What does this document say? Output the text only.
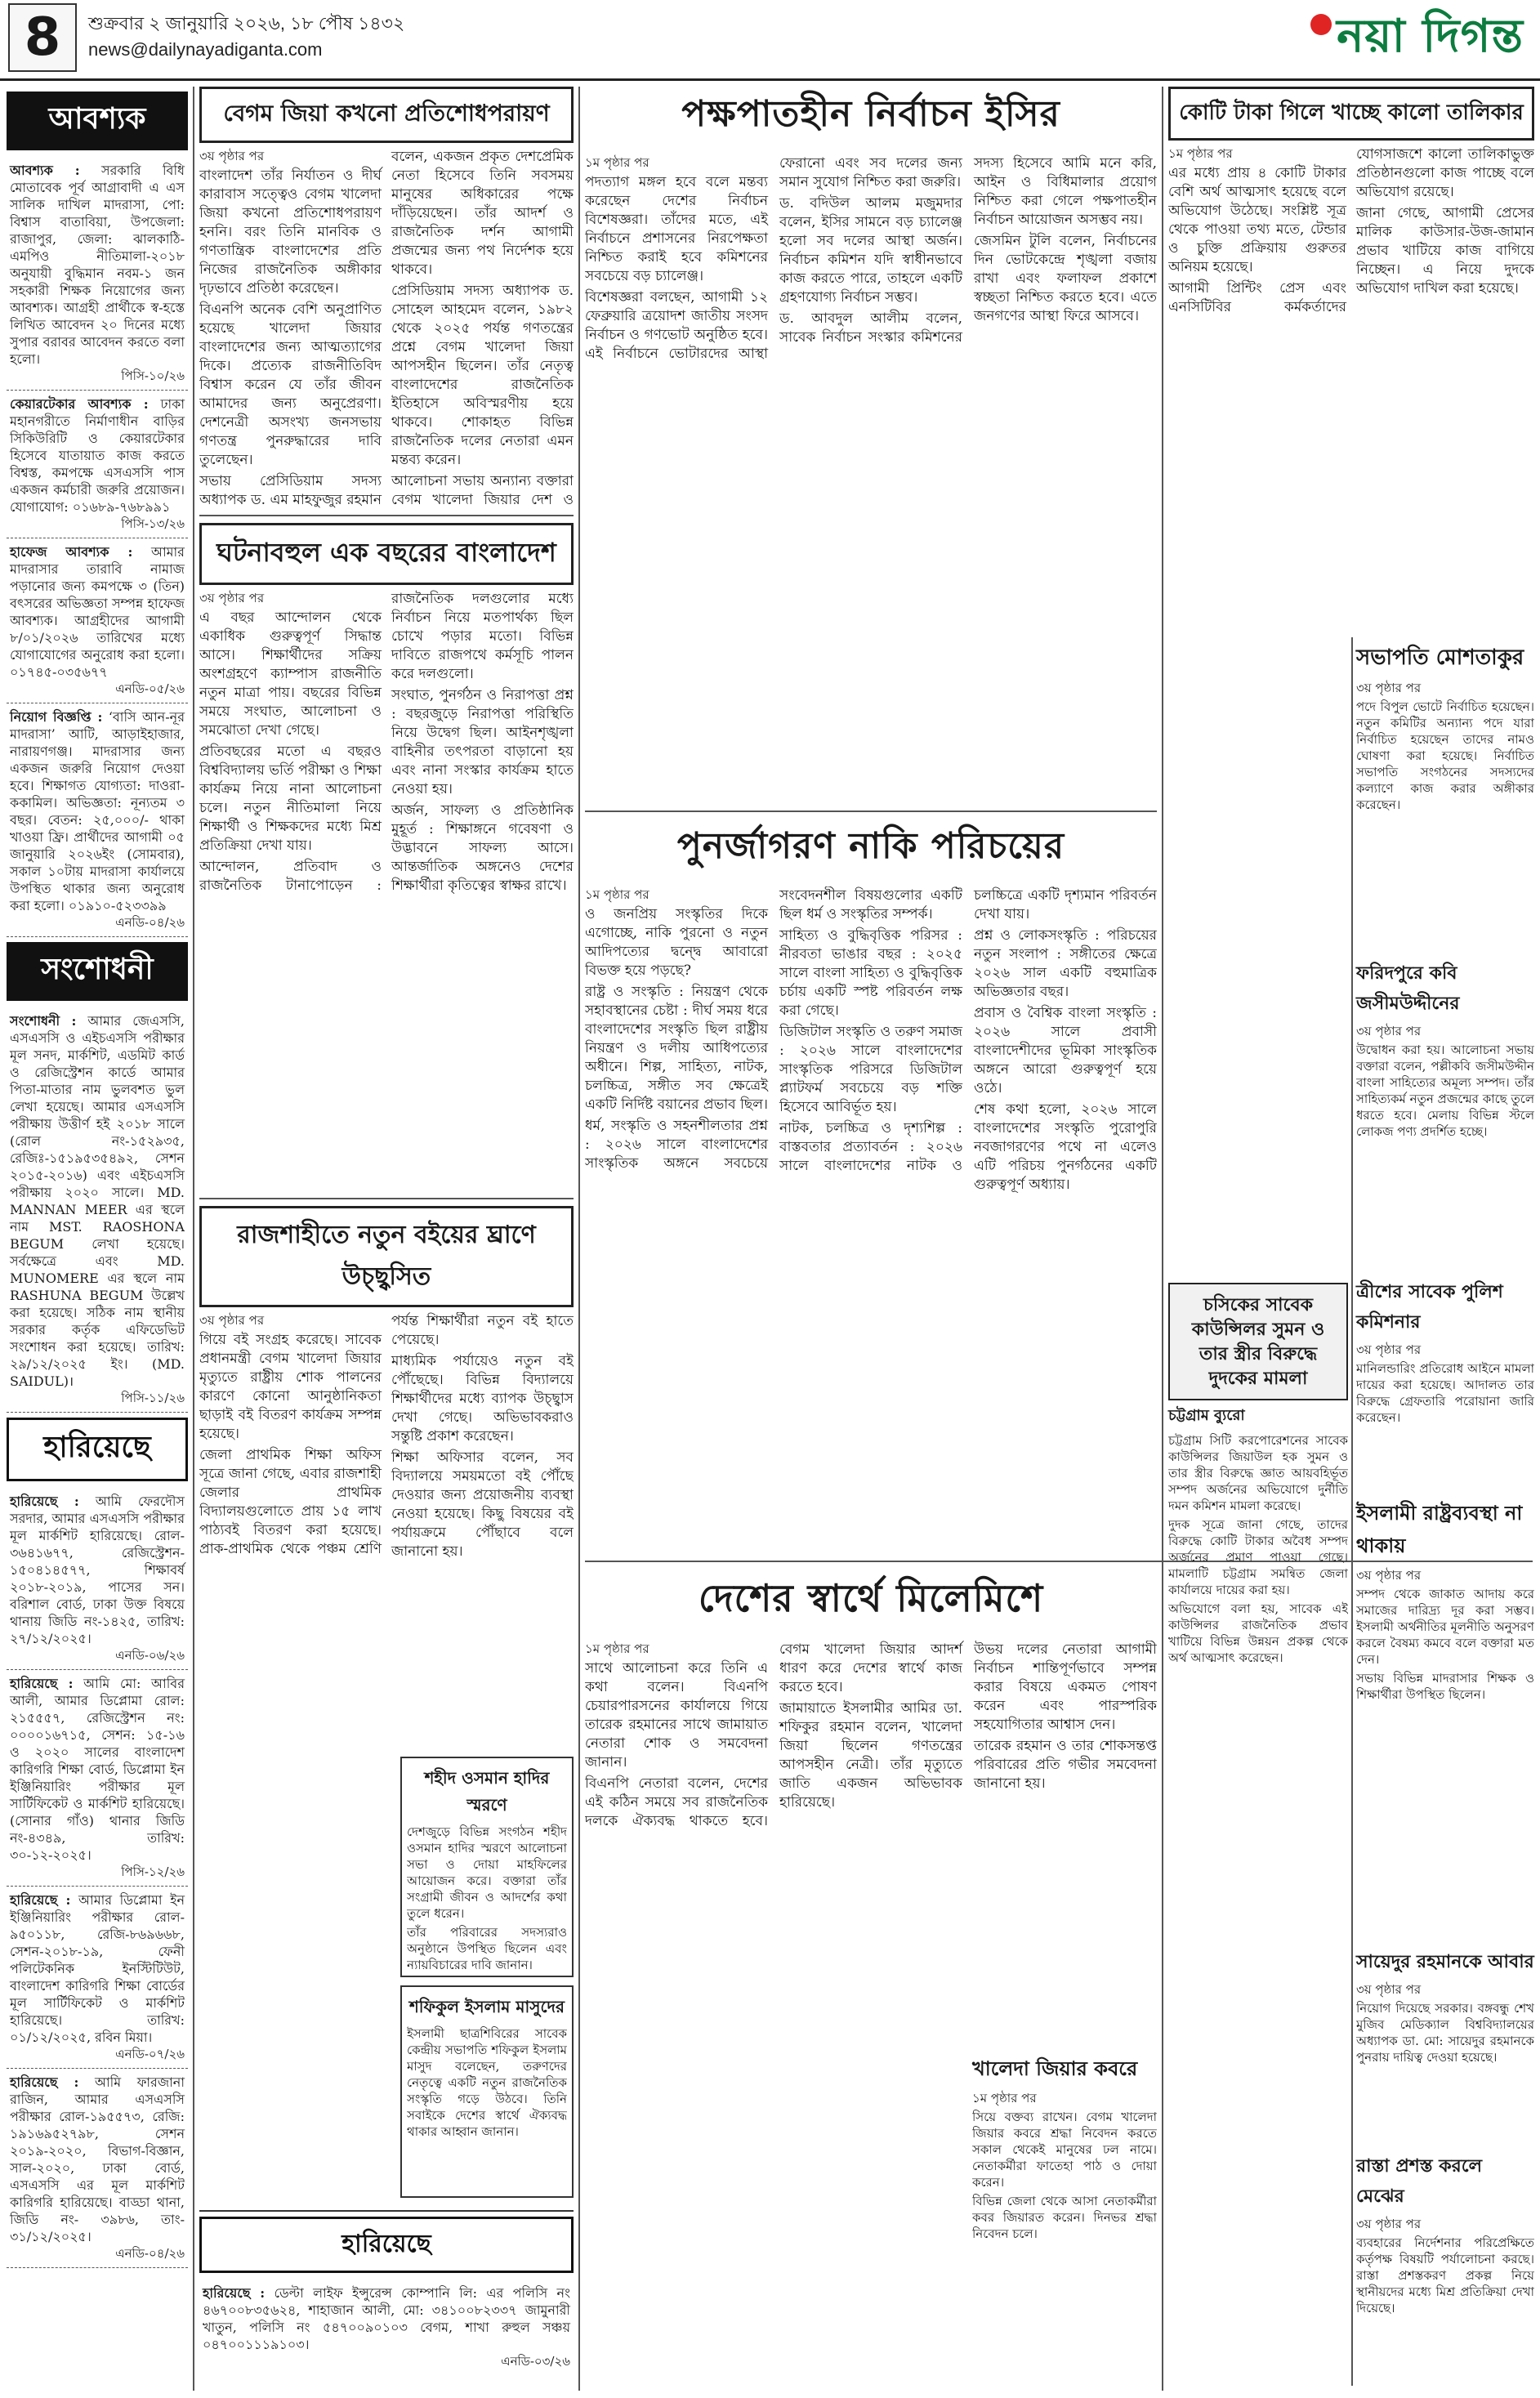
8	শুক্রবার ২ জানুয়ারি ২০২৬, ১৮ পৌষ ১৪৩২
news@dailynayadiganta.com	নয়া দিগন্ত
আবশ্যক
আবশ্যক : সরকারি বিধি মোতাবেক পূর্ব আগ্রাবাদী এ এস সালিক দাখিল মাদরাসা, পো: বিশ্বাস বাতাবিয়া, উপজেলা: রাজাপুর, জেলা: ঝালকাঠি-এমপিও নীতিমালা-২০১৮ অনুযায়ী বুদ্ধিমান নবম-১ জন সহকারী শিক্ষক নিয়োগের জন্য আবশ্যক। আগ্রহী প্রার্থীকে স্ব-হস্তে লিখিত আবেদন ২০ দিনের মধ্যে সুপার বরাবর আবেদন করতে বলা হলো।
পিসি-১০/২৬
কেয়ারটেকার আবশ্যক : ঢাকা মহানগরীতে নির্মাণাধীন বাড়ির সিকিউরিটি ও কেয়ারটেকার হিসেবে যাতায়াত কাজ করতে বিশ্বস্ত, কমপক্ষে এসএসসি পাস একজন কর্মচারী জরুরি প্রয়োজন। যোগাযোগ: ০১৬৮৯-৭৬৮৯৯১
পিসি-১৩/২৬
হাফেজ আবশ্যক : আমার মাদরাসার তারাবি নামাজ পড়ানোর জন্য কমপক্ষে ৩ (তিন) বৎসরের অভিজ্ঞতা সম্পন্ন হাফেজ আবশ্যক। আগ্রহীদের আগামী ৮/০১/২০২৬ তারিখের মধ্যে যোগাযোগের অনুরোধ করা হলো। ০১৭৪৫-০৩৫৬৭৭
এনডি-০৫/২৬
নিয়োগ বিজ্ঞপ্তি : ‘বাসি আন-নূর মাদরাসা’ আটি, আড়াইহাজার, নারায়ণগঞ্জ। মাদরাসার জন্য একজন জরুরি নিয়োগ দেওয়া হবে। শিক্ষাগত যোগ্যতা: দাওরা-ককামিল। অভিজ্ঞতা: নূন্যতম ৩ বছর। বেতন: ২৫,০০০/- থাকা খাওয়া ফ্রি। প্রার্থীদের আগামী ০৫ জানুয়ারি ২০২৬ইং (সোমবার), সকাল ১০টায় মাদরাসা কার্যালয়ে উপস্থিত থাকার জন্য অনুরোধ করা হলো। ০১৯১০-৫২৩৩৯৯
এনডি-০৪/২৬
সংশোধনী
সংশোধনী : আমার জেএসসি, এসএসসি ও এইচএসসি পরীক্ষার মূল সনদ, মার্কশিট, এডমিট কার্ড ও রেজিস্ট্রেশন কার্ডে আমার পিতা-মাতার নাম ভুলবশত ভুল লেখা হয়েছে। আমার এসএসসি পরীক্ষায় উত্তীর্ণ হই ২০১৮ সালে (রোল নং-১৫২৯৩৫, রেজিঃ-১৫১৯৫৩৫৪৯২, সেশন ২০১৫-২০১৬) এবং এইচএসসি পরীক্ষায় ২০২০ সালে। MD. MANNAN MEER এর স্থলে নাম MST. RAOSHONA BEGUM লেখা হয়েছে। সর্বক্ষেত্রে এবং MD. MUNOMERE এর স্থলে নাম RASHUNA BEGUM উল্লেখ করা হয়েছে। সঠিক নাম স্থানীয় সরকার কর্তৃক এফিডেভিট সংশোধন করা হয়েছে। তারিখ: ২৯/১২/২০২৫ ইং। (MD. SAIDUL)।
পিসি-১১/২৬
হারিয়েছে
হারিয়েছে : আমি ফেরদৌস সরদার, আমার এসএসসি পরীক্ষার মূল মার্কশিট হারিয়েছে। রোল- ৩৬৪১৬৭৭, রেজিস্ট্রেশন- ১৫০৪১৪৫৭৭, শিক্ষাবর্ষ ২০১৮-২০১৯, পাসের সন। বরিশাল বোর্ড, ঢাকা উক্ত বিষয়ে থানায় জিডি নং-১৪২৫, তারিখ: ২৭/১২/২০২৫।
এনডি-০৬/২৬
হারিয়েছে : আমি মো: আবির আলী, আমার ডিপ্লোমা রোল: ২১৫৫৫৭, রেজিস্ট্রেশন নং: ০০০০১৬৭১৫, সেশন: ১৫-১৬ ও ২০২০ সালের বাংলাদেশ কারিগরি শিক্ষা বোর্ড, ডিপ্লোমা ইন ইঞ্জিনিয়ারিং পরীক্ষার মূল সার্টিফিকেট ও মার্কশিট হারিয়েছে। (সোনার গাঁও) থানার জিডি নং-৪৩৪৯, তারিখ: ৩০-১২-২০২৫।
পিসি-১২/২৬
হারিয়েছে : আমার ডিপ্লোমা ইন ইঞ্জিনিয়ারিং পরীক্ষার রোল- ৯৫০১১৮, রেজি-৮৬৯৬৬৮, সেশন-২০১৮-১৯, ফেনী পলিটেকনিক ইনস্টিটিউট, বাংলাদেশ কারিগরি শিক্ষা বোর্ডের মূল সার্টিফিকেট ও মার্কশিট হারিয়েছে। তারিখ: ০১/১২/২০২৫, রবিন মিয়া।
এনডি-০৭/২৬
হারিয়েছে : আমি ফারজানা রাজিন, আমার এসএসসি পরীক্ষার রোল-১৯৫৫৭৩, রেজি: ১৯১৬৯৫২৭৯৮, সেশন ২০১৯-২০২০, বিভাগ-বিজ্ঞান, সাল-২০২০, ঢাকা বোর্ড, এসএসসি এর মূল মার্কশিট কারিগরি হারিয়েছে। বাড্ডা থানা, জিডি নং- ৩৯৮৬, তাং- ৩১/১২/২০২৫।
এনডি-০৪/২৬
বেগম জিয়া কখনো প্রতিশোধপরায়ণ

৩য় পৃষ্ঠার পর

বাংলাদেশ তাঁর নির্যাতন ও দীর্ঘ কারাবাস সত্ত্বেও বেগম খালেদা জিয়া কখনো প্রতিশোধপরায়ণ হননি। বরং তিনি মানবিক ও গণতান্ত্রিক বাংলাদেশের প্রতি নিজের রাজনৈতিক অঙ্গীকার দৃঢ়ভাবে প্রতিষ্ঠা করেছেন।

বিএনপি অনেক বেশি অনুপ্রাণিত হয়েছে খালেদা জিয়ার বাংলাদেশের জন্য আত্মত্যাগের দিকে। প্রত্যেক রাজনীতিবিদ বিশ্বাস করেন যে তাঁর জীবন আমাদের জন্য অনুপ্রেরণা। দেশনেত্রী অসংখ্য জনসভায় গণতন্ত্র পুনরুদ্ধারের দাবি তুলেছেন।

সভায় প্রেসিডিয়াম সদস্য অধ্যাপক ড. এম মাহফুজুর রহমান বলেন, একজন প্রকৃত দেশপ্রেমিক নেতা হিসেবে তিনি সবসময় মানুষের অধিকারের পক্ষে দাঁড়িয়েছেন। তাঁর আদর্শ ও রাজনৈতিক দর্শন আগামী প্রজন্মের জন্য পথ নির্দেশক হয়ে থাকবে।

প্রেসিডিয়াম সদস্য অধ্যাপক ড. সোহেল আহমেদ বলেন, ১৯৮২ থেকে ২০২৫ পর্যন্ত গণতন্ত্রের প্রশ্নে বেগম খালেদা জিয়া আপসহীন ছিলেন। তাঁর নেতৃত্ব বাংলাদেশের রাজনৈতিক ইতিহাসে অবিস্মরণীয় হয়ে থাকবে। শোকাহত বিভিন্ন রাজনৈতিক দলের নেতারা এমন মন্তব্য করেন।

আলোচনা সভায় অন্যান্য বক্তারা বেগম খালেদা জিয়ার দেশ ও

ঘটনাবহুল এক বছরের বাংলাদেশ

৩য় পৃষ্ঠার পর

এ বছর আন্দোলন থেকে একাধিক গুরুত্বপূর্ণ সিদ্ধান্ত আসে। শিক্ষার্থীদের সক্রিয় অংশগ্রহণে ক্যাম্পাস রাজনীতি নতুন মাত্রা পায়। বছরের বিভিন্ন সময়ে সংঘাত, আলোচনা ও সমঝোতা দেখা গেছে।

প্রতিবছরের মতো এ বছরও বিশ্ববিদ্যালয় ভর্তি পরীক্ষা ও শিক্ষা কার্যক্রম নিয়ে নানা আলোচনা চলে। নতুন নীতিমালা নিয়ে শিক্ষার্থী ও শিক্ষকদের মধ্যে মিশ্র প্রতিক্রিয়া দেখা যায়।

আন্দোলন, প্রতিবাদ ও রাজনৈতিক টানাপোড়েন : রাজনৈতিক দলগুলোর মধ্যে নির্বাচন নিয়ে মতপার্থক্য ছিল চোখে পড়ার মতো। বিভিন্ন দাবিতে রাজপথে কর্মসূচি পালন করে দলগুলো।

সংঘাত, পুনর্গঠন ও নিরাপত্তা প্রশ্ন : বছরজুড়ে নিরাপত্তা পরিস্থিতি নিয়ে উদ্বেগ ছিল। আইনশৃঙ্খলা বাহিনীর তৎপরতা বাড়ানো হয় এবং নানা সংস্কার কার্যক্রম হাতে নেওয়া হয়।

অর্জন, সাফল্য ও প্রতিষ্ঠানিক মুহূর্ত : শিক্ষাঙ্গনে গবেষণা ও উদ্ভাবনে সাফল্য আসে। আন্তর্জাতিক অঙ্গনেও দেশের শিক্ষার্থীরা কৃতিত্বের স্বাক্ষর রাখে।

রাজশাহীতে নতুন বইয়ের ঘ্রাণে উচ্ছ্বসিত

৩য় পৃষ্ঠার পর

গিয়ে বই সংগ্রহ করেছে। সাবেক প্রধানমন্ত্রী বেগম খালেদা জিয়ার মৃত্যুতে রাষ্ট্রীয় শোক পালনের কারণে কোনো আনুষ্ঠানিকতা ছাড়াই বই বিতরণ কার্যক্রম সম্পন্ন হয়েছে।

জেলা প্রাথমিক শিক্ষা অফিস সূত্রে জানা গেছে, এবার রাজশাহী জেলার প্রাথমিক বিদ্যালয়গুলোতে প্রায় ১৫ লাখ পাঠ্যবই বিতরণ করা হয়েছে। প্রাক-প্রাথমিক থেকে পঞ্চম শ্রেণি পর্যন্ত শিক্ষার্থীরা নতুন বই হাতে পেয়েছে।

মাধ্যমিক পর্যায়েও নতুন বই পৌঁছেছে। বিভিন্ন বিদ্যালয়ে শিক্ষার্থীদের মধ্যে ব্যাপক উচ্ছ্বাস দেখা গেছে। অভিভাবকরাও সন্তুষ্টি প্রকাশ করেছেন।

শিক্ষা অফিসার বলেন, সব বিদ্যালয়ে সময়মতো বই পৌঁছে দেওয়ার জন্য প্রয়োজনীয় ব্যবস্থা নেওয়া হয়েছে। কিছু বিষয়ের বই পর্যায়ক্রমে পৌঁছাবে বলে জানানো হয়।

হারিয়েছে
হারিয়েছে : ডেল্টা লাইফ ইন্সুরেন্স কোম্পানি লি: এর পলিসি নং ৪৬৭০০৮৩৫৬২৪, শাহাজান আলী, মো: ৩৪১০০৮২৩৩৭ জামুনারী খাতুন, পলিসি নং ৫৪৭০০৯০১০৩ বেগম, শাখা রুহুল সঞ্চয় ০৪৭০০১১১৯১০৩।
এনডি-০৩/২৬
পক্ষপাতহীন নির্বাচন ইসির

১ম পৃষ্ঠার পর

পদত্যাগ মঙ্গল হবে বলে মন্তব্য করেছেন দেশের নির্বাচন বিশেষজ্ঞরা। তাঁদের মতে, এই নির্বাচনে প্রশাসনের নিরপেক্ষতা নিশ্চিত করাই হবে কমিশনের সবচেয়ে বড় চ্যালেঞ্জ।

বিশেষজ্ঞরা বলছেন, আগামী ১২ ফেব্রুয়ারি ত্রয়োদশ জাতীয় সংসদ নির্বাচন ও গণভোট অনুষ্ঠিত হবে। এই নির্বাচনে ভোটারদের আস্থা ফেরানো এবং সব দলের জন্য সমান সুযোগ নিশ্চিত করা জরুরি।

ড. বদিউল আলম মজুমদার বলেন, ইসির সামনে বড় চ্যালেঞ্জ হলো সব দলের আস্থা অর্জন। নির্বাচন কমিশন যদি স্বাধীনভাবে কাজ করতে পারে, তাহলে একটি গ্রহণযোগ্য নির্বাচন সম্ভব।

ড. আবদুল আলীম বলেন, সাবেক নির্বাচন সংস্কার কমিশনের সদস্য হিসেবে আমি মনে করি, আইন ও বিধিমালার প্রয়োগ নিশ্চিত করা গেলে পক্ষপাতহীন নির্বাচন আয়োজন অসম্ভব নয়।

জেসমিন টুলি বলেন, নির্বাচনের দিন ভোটকেন্দ্রে শৃঙ্খলা বজায় রাখা এবং ফলাফল প্রকাশে স্বচ্ছতা নিশ্চিত করতে হবে। এতে জনগণের আস্থা ফিরে আসবে।

পুনর্জাগরণ নাকি পরিচয়ের

১ম পৃষ্ঠার পর

ও জনপ্রিয় সংস্কৃতির দিকে এগোচ্ছে, নাকি পুরনো ও নতুন আদিপত্যের দ্বন্দ্বে আবারো বিভক্ত হয়ে পড়ছে?

রাষ্ট্র ও সংস্কৃতি : নিয়ন্ত্রণ থেকে সহাবস্থানের চেষ্টা : দীর্ঘ সময় ধরে বাংলাদেশের সংস্কৃতি ছিল রাষ্ট্রীয় নিয়ন্ত্রণ ও দলীয় আধিপত্যের অধীনে। শিল্প, সাহিত্য, নাটক, চলচ্চিত্র, সঙ্গীত সব ক্ষেত্রেই একটি নির্দিষ্ট বয়ানের প্রভাব ছিল।

ধর্ম, সংস্কৃতি ও সহনশীলতার প্রশ্ন : ২০২৬ সালে বাংলাদেশের সাংস্কৃতিক অঙ্গনে সবচেয়ে সংবেদনশীল বিষয়গুলোর একটি ছিল ধর্ম ও সংস্কৃতির সম্পর্ক।

সাহিত্য ও বুদ্ধিবৃত্তিক পরিসর : নীরবতা ভাঙার বছর : ২০২৫ সালে বাংলা সাহিত্য ও বুদ্ধিবৃত্তিক চর্চায় একটি স্পষ্ট পরিবর্তন লক্ষ করা গেছে।

ডিজিটাল সংস্কৃতি ও তরুণ সমাজ : ২০২৬ সালে বাংলাদেশের সাংস্কৃতিক পরিসরে ডিজিটাল প্ল্যাটফর্ম সবচেয়ে বড় শক্তি হিসেবে আবির্ভূত হয়।

নাটক, চলচ্চিত্র ও দৃশ্যশিল্প : বাস্তবতার প্রত্যাবর্তন : ২০২৬ সালে বাংলাদেশের নাটক ও চলচ্চিত্রে একটি দৃশ্যমান পরিবর্তন দেখা যায়।

প্রশ্ন ও লোকসংস্কৃতি : পরিচয়ের নতুন সংলাপ : সঙ্গীতের ক্ষেত্রে ২০২৬ সাল একটি বহুমাত্রিক অভিজ্ঞতার বছর।

প্রবাস ও বৈশ্বিক বাংলা সংস্কৃতি : ২০২৬ সালে প্রবাসী বাংলাদেশীদের ভূমিকা সাংস্কৃতিক অঙ্গনে আরো গুরুত্বপূর্ণ হয়ে ওঠে।

শেষ কথা হলো, ২০২৬ সালে বাংলাদেশের সংস্কৃতি পুরোপুরি নবজাগরণের পথে না এলেও এটি পরিচয় পুনর্গঠনের একটি গুরুত্বপূর্ণ অধ্যায়।

দেশের স্বার্থে মিলেমিশে

১ম পৃষ্ঠার পর

সাথে আলোচনা করে তিনি এ কথা বলেন। বিএনপি চেয়ারপারসনের কার্যালয়ে গিয়ে তারেক রহমানের সাথে জামায়াত নেতারা শোক ও সমবেদনা জানান।

বিএনপি নেতারা বলেন, দেশের এই কঠিন সময়ে সব রাজনৈতিক দলকে ঐক্যবদ্ধ থাকতে হবে। বেগম খালেদা জিয়ার আদর্শ ধারণ করে দেশের স্বার্থে কাজ করতে হবে।

জামায়াতে ইসলামীর আমির ডা. শফিকুর রহমান বলেন, খালেদা জিয়া ছিলেন গণতন্ত্রের আপসহীন নেত্রী। তাঁর মৃত্যুতে জাতি একজন অভিভাবক হারিয়েছে।

উভয় দলের নেতারা আগামী নির্বাচন শান্তিপূর্ণভাবে সম্পন্ন করার বিষয়ে একমত পোষণ করেন এবং পারস্পরিক সহযোগিতার আশ্বাস দেন।

তারেক রহমান ও তার শোকসন্তপ্ত পরিবারের প্রতি গভীর সমবেদনা জানানো হয়।

শহীদ ওসমান হাদির স্মরণে

দেশজুড়ে বিভিন্ন সংগঠন শহীদ ওসমান হাদির স্মরণে আলোচনা সভা ও দোয়া মাহফিলের আয়োজন করে। বক্তারা তাঁর সংগ্রামী জীবন ও আদর্শের কথা তুলে ধরেন।

তাঁর পরিবারের সদস্যরাও অনুষ্ঠানে উপস্থিত ছিলেন এবং ন্যায়বিচারের দাবি জানান।

শফিকুল ইসলাম মাসুদের

ইসলামী ছাত্রশিবিরের সাবেক কেন্দ্রীয় সভাপতি শফিকুল ইসলাম মাসুদ বলেছেন, তরুণদের নেতৃত্বে একটি নতুন রাজনৈতিক সংস্কৃতি গড়ে উঠবে। তিনি সবাইকে দেশের স্বার্থে ঐক্যবদ্ধ থাকার আহ্বান জানান।

খালেদা জিয়ার কবরে

১ম পৃষ্ঠার পর

সিয়ে বক্তব্য রাখেন। বেগম খালেদা জিয়ার কবরে শ্রদ্ধা নিবেদন করতে সকাল থেকেই মানুষের ঢল নামে। নেতাকর্মীরা ফাতেহা পাঠ ও দোয়া করেন।

বিভিন্ন জেলা থেকে আসা নেতাকর্মীরা কবর জিয়ারত করেন। দিনভর শ্রদ্ধা নিবেদন চলে।

কোটি টাকা গিলে খাচ্ছে কালো তালিকার

১ম পৃষ্ঠার পর

এর মধ্যে প্রায় ৪ কোটি টাকার বেশি অর্থ আত্মসাৎ হয়েছে বলে অভিযোগ উঠেছে। সংশ্লিষ্ট সূত্র থেকে পাওয়া তথ্য মতে, টেন্ডার ও চুক্তি প্রক্রিয়ায় গুরুতর অনিয়ম হয়েছে।

আগামী প্রিন্টিং প্রেস এবং এনসিটিবির কর্মকর্তাদের যোগসাজশে কালো তালিকাভুক্ত প্রতিষ্ঠানগুলো কাজ পাচ্ছে বলে অভিযোগ রয়েছে।

জানা গেছে, আগামী প্রেসের মালিক কাউসার-উজ-জামান প্রভাব খাটিয়ে কাজ বাগিয়ে নিচ্ছেন। এ নিয়ে দুদকে অভিযোগ দাখিল করা হয়েছে।

সভাপতি মোশতাকুর

৩য় পৃষ্ঠার পর

পদে বিপুল ভোটে নির্বাচিত হয়েছেন। নতুন কমিটির অন্যান্য পদে যারা নির্বাচিত হয়েছেন তাদের নামও ঘোষণা করা হয়েছে। নির্বাচিত সভাপতি সংগঠনের সদস্যদের কল্যাণে কাজ করার অঙ্গীকার করেছেন।

ফরিদপুরে কবি জসীমউদ্দীনের

৩য় পৃষ্ঠার পর

উদ্বোধন করা হয়। আলোচনা সভায় বক্তারা বলেন, পল্লীকবি জসীমউদ্দীন বাংলা সাহিত্যের অমূল্য সম্পদ। তাঁর সাহিত্যকর্ম নতুন প্রজন্মের কাছে তুলে ধরতে হবে। মেলায় বিভিন্ন স্টলে লোকজ পণ্য প্রদর্শিত হচ্ছে।

চসিকের সাবেক কাউন্সিলর সুমন ও তার স্ত্রীর বিরুদ্ধে দুদকের মামলা
চট্টগ্রাম ব্যুরো

চট্টগ্রাম সিটি করপোরেশনের সাবেক কাউন্সিলর জিয়াউল হক সুমন ও তার স্ত্রীর বিরুদ্ধে জ্ঞাত আয়বহির্ভূত সম্পদ অর্জনের অভিযোগে দুর্নীতি দমন কমিশন মামলা করেছে।

দুদক সূত্রে জানা গেছে, তাদের বিরুদ্ধে কোটি টাকার অবৈধ সম্পদ অর্জনের প্রমাণ পাওয়া গেছে। মামলাটি চট্টগ্রাম সমন্বিত জেলা কার্যালয়ে দায়ের করা হয়।

অভিযোগে বলা হয়, সাবেক এই কাউন্সিলর রাজনৈতিক প্রভাব খাটিয়ে বিভিন্ন উন্নয়ন প্রকল্প থেকে অর্থ আত্মসাৎ করেছেন।

ত্রীশের সাবেক পুলিশ কমিশনার

৩য় পৃষ্ঠার পর

মানিলন্ডারিং প্রতিরোধ আইনে মামলা দায়ের করা হয়েছে। আদালত তার বিরুদ্ধে গ্রেফতারি পরোয়ানা জারি করেছেন।

ইসলামী রাষ্ট্রব্যবস্থা না থাকায়

৩য় পৃষ্ঠার পর

সম্পদ থেকে জাকাত আদায় করে সমাজের দারিদ্র্য দূর করা সম্ভব। ইসলামী অর্থনীতির মূলনীতি অনুসরণ করলে বৈষম্য কমবে বলে বক্তারা মত দেন।

সভায় বিভিন্ন মাদরাসার শিক্ষক ও শিক্ষার্থীরা উপস্থিত ছিলেন।

সায়েদুর রহমানকে আবার

৩য় পৃষ্ঠার পর

নিয়োগ দিয়েছে সরকার। বঙ্গবন্ধু শেখ মুজিব মেডিক্যাল বিশ্ববিদ্যালয়ের অধ্যাপক ডা. মো: সায়েদুর রহমানকে পুনরায় দায়িত্ব দেওয়া হয়েছে।

রাস্তা প্রশস্ত করলে মেঝের

৩য় পৃষ্ঠার পর

ব্যবহারের নির্দেশনার পরিপ্রেক্ষিতে কর্তৃপক্ষ বিষয়টি পর্যালোচনা করছে। রাস্তা প্রশস্তকরণ প্রকল্প নিয়ে স্থানীয়দের মধ্যে মিশ্র প্রতিক্রিয়া দেখা দিয়েছে।
